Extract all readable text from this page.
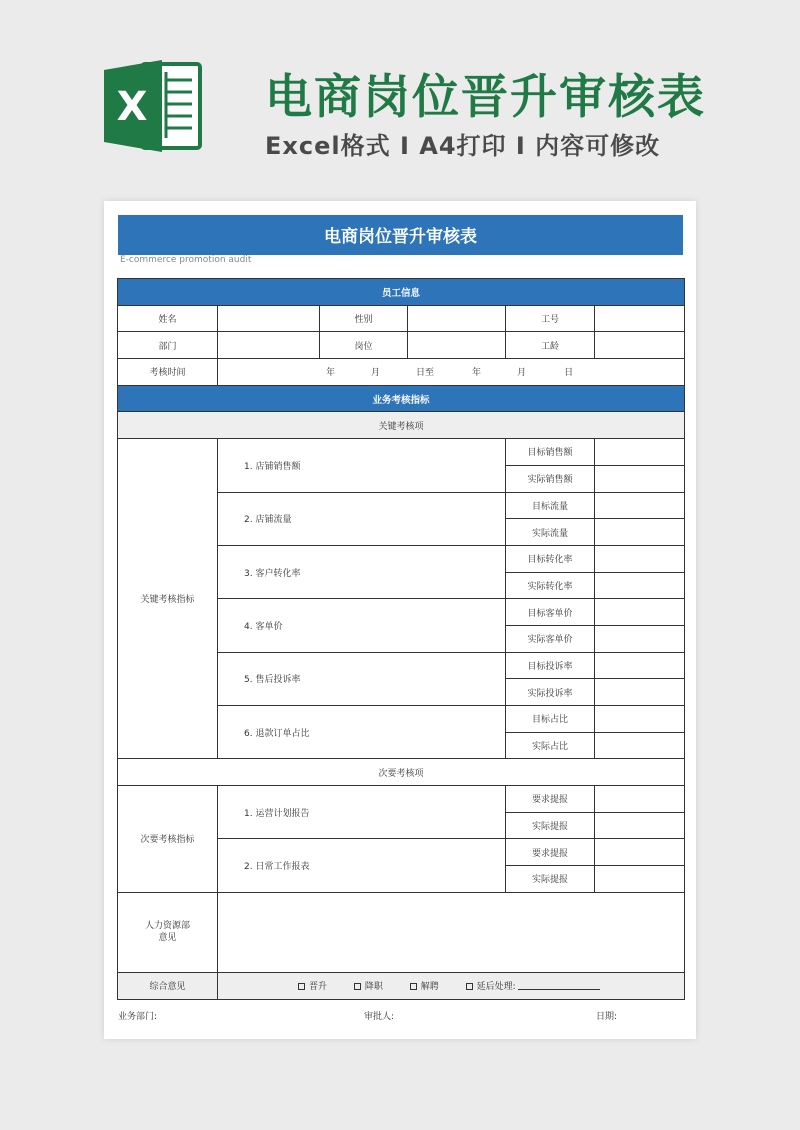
X	电商岗位晋升审核表
Excel格式 I A4打印 I 内容可修改
电商岗位晋升审核表
E-commerce promotion audit
员工信息					
姓名		性别		工号	
部门		岗位		工龄	
考核时间	年 月 日至 年 月 日				
业务考核指标					
关键考核项					
关键考核指标	1. 店铺销售额			目标销售额	
				实际销售额	
	2. 店铺流量			目标流量	
				实际流量	
	3. 客户转化率			目标转化率	
				实际转化率	
	4. 客单价			目标客单价	
				实际客单价	
	5. 售后投诉率			目标投诉率	
				实际投诉率	
	6. 退款订单占比			目标占比	
				实际占比	
次要考核项					
次要考核指标	1. 运营计划报告			要求提报	
				实际提报	
	2. 日常工作报表			要求提报	
				实际提报	
人力资源部
意见					
综合意见	晋升 降职 解聘 延后处理:				
业务部门:	审批人:	日期:
